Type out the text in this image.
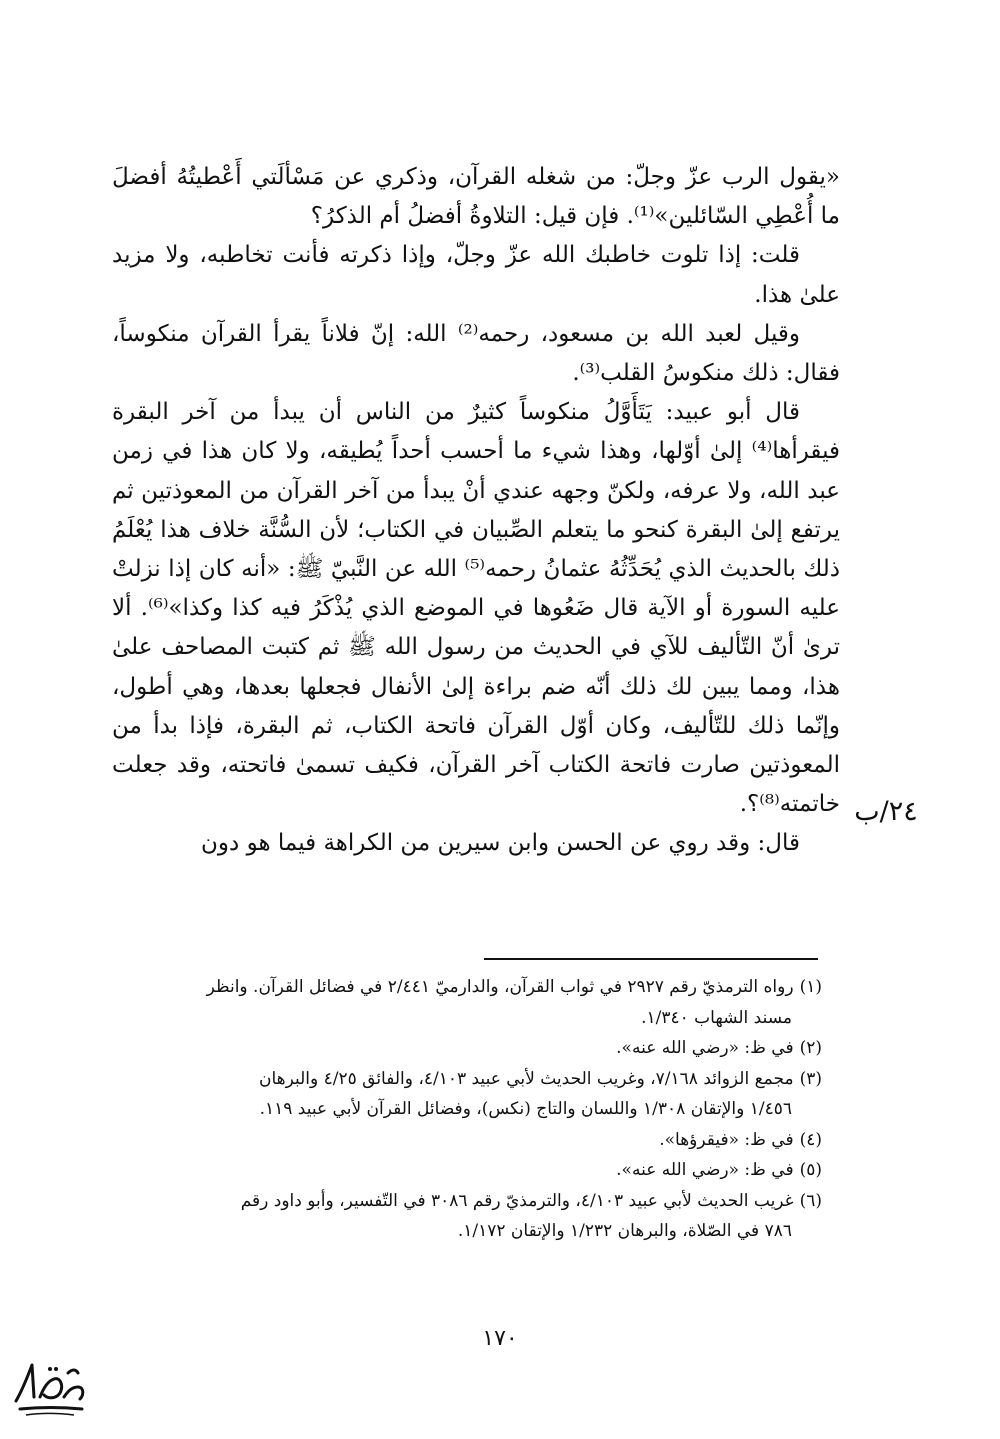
«يقول الرب عزّ وجلّ: من شغله القرآن، وذكري عن مَسْألَتي أَعْطيتُهُ أفضلَ ما أُعْطِي السّائلين»⁽¹⁾. فإن قيل: التلاوةُ أفضلُ أم الذكرُ؟

قلت: إذا تلوت خاطبك الله عزّ وجلّ، وإذا ذكرته فأنت تخاطبه، ولا مزيد علىٰ هذا.

وقيل لعبد الله بن مسعود، رحمه⁽²⁾ الله: إنّ فلاناً يقرأ القرآن منكوساً، فقال: ذلك منكوسُ القلب⁽³⁾.

قال أبو عبيد: يَتَأَوَّلُ منكوساً كثيرٌ من الناس أن يبدأ من آخر البقرة فيقرأها⁽⁴⁾ إلىٰ أوّلها، وهذا شيء ما أحسب أحداً يُطيقه، ولا كان هذا في زمن عبد الله، ولا عرفه، ولكنّ وجهه عندي أنْ يبدأ من آخر القرآن من المعوذتين ثم يرتفع إلىٰ البقرة كنحو ما يتعلم الصِّبيان في الكتاب؛ لأن السُّنَّة خلاف هذا يُعْلَمُ ذلك بالحديث الذي يُحَدِّثُهُ عثمانُ رحمه⁽⁵⁾ الله عن النَّبيّ ﷺ: «أنه كان إذا نزلتْ عليه السورة أو الآية قال ضَعُوها في الموضع الذي يُذْكَرُ فيه كذا وكذا»⁽⁶⁾. ألا ترىٰ أنّ التّأليف للآي في الحديث من رسول الله ﷺ ثم كتبت المصاحف علىٰ هذا، ومما يبين لك ذلك أنّه ضم براءة إلىٰ الأنفال فجعلها بعدها، وهي أطول، وإنّما ذلك للتّأليف، وكان أوّل القرآن فاتحة الكتاب، ثم البقرة، فإذا بدأ من المعوذتين صارت فاتحة الكتاب آخر القرآن، فكيف تسمىٰ فاتحته، وقد جعلت خاتمته⁽⁸⁾؟.

قال: وقد روي عن الحسن وابن سيرين من الكراهة فيما هو دون

٢٤/ب

(١)رواه الترمذيّ رقم ٢٩٢٧ في ثواب القرآن، والدارميّ ٢/٤٤١ في فضائل القرآن. وانظر
مسند الشهاب ١/٣٤٠.

(٢)في ظ: «رضي الله عنه».

(٣)مجمع الزوائد ٧/١٦٨، وغريب الحديث لأبي عبيد ٤/١٠٣، والفائق ٤/٢٥ والبرهان
١/٤٥٦ والإتقان ١/٣٠٨ واللسان والتاج (نكس)، وفضائل القرآن لأبي عبيد ١١٩.

(٤)في ظ: «فيقرؤها».

(٥)في ظ: «رضي الله عنه».

(٦)غريب الحديث لأبي عبيد ٤/١٠٣، والترمذيّ رقم ٣٠٨٦ في التّفسير، وأبو داود رقم
٧٨٦ في الصّلاة، والبرهان ١/٢٣٢ والإتقان ١/١٧٢.

١٧٠
